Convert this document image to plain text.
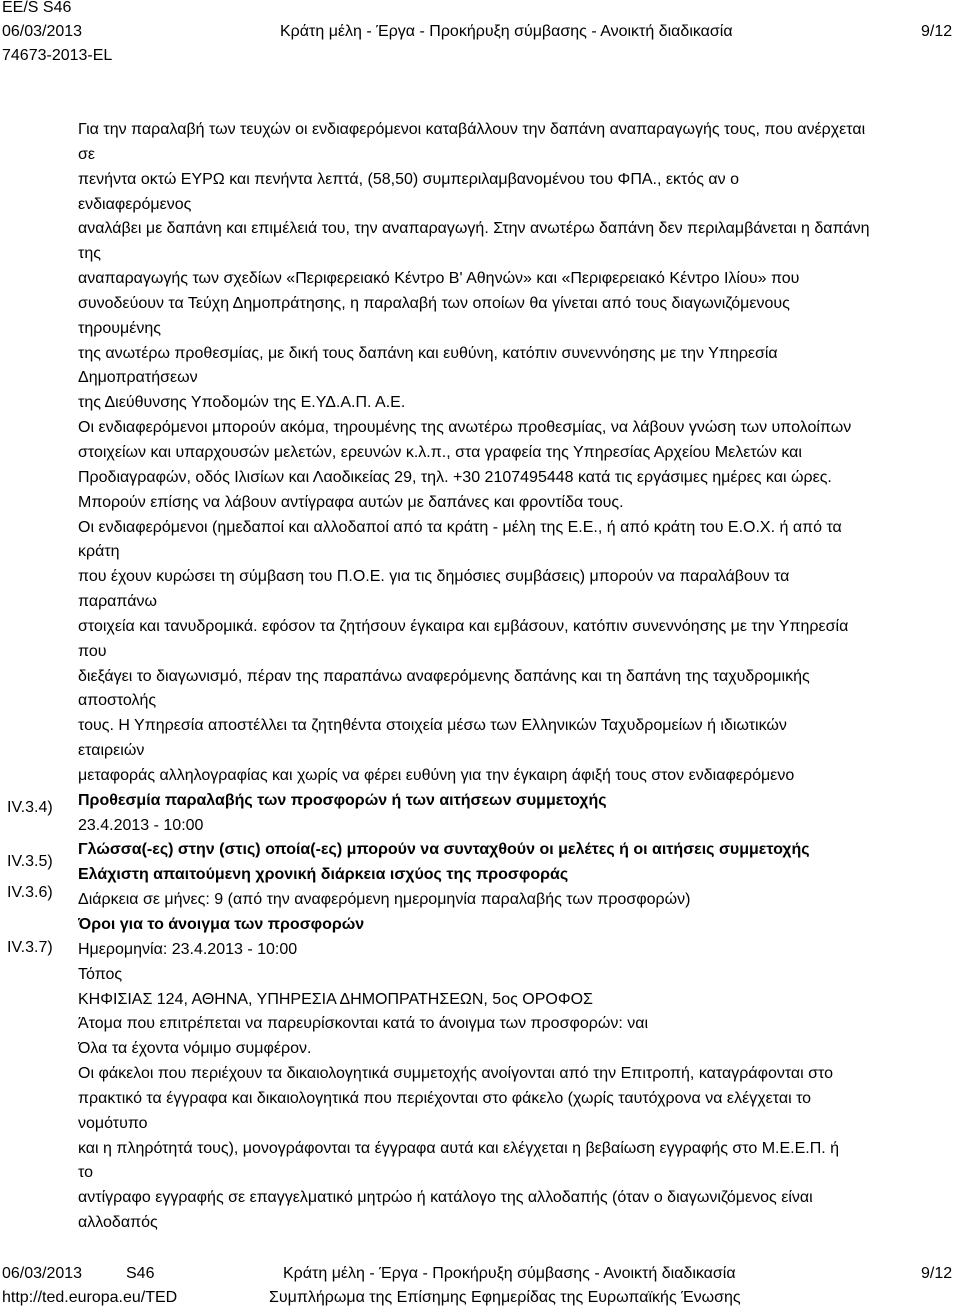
EE/S S46
06/03/2013
74673-2013-EL
Κράτη μέλη - Έργα - Προκήρυξη σύμβασης - Ανοικτή διαδικασία	9/12
Για την παραλαβή των τευχών οι ενδιαφερόμενοι καταβάλλουν την δαπάνη αναπαραγωγής τους, που ανέρχεται
σε
πενήντα οκτώ ΕΥΡΩ και πενήντα λεπτά, (58,50) συμπεριλαμβανομένου του ΦΠΑ., εκτός αν ο
ενδιαφερόμενος
αναλάβει με δαπάνη και επιμέλειά του, την αναπαραγωγή. Στην ανωτέρω δαπάνη δεν περιλαμβάνεται η δαπάνη
της
αναπαραγωγής των σχεδίων «Περιφερειακό Κέντρο Β' Αθηνών» και «Περιφερειακό Κέντρο Ιλίου» που
συνοδεύουν τα Τεύχη Δημοπράτησης, η παραλαβή των οποίων θα γίνεται από τους διαγωνιζόμενους
τηρουμένης
της ανωτέρω προθεσμίας, με δική τους δαπάνη και ευθύνη, κατόπιν συνεννόησης με την Υπηρεσία
Δημοπρατήσεων
της Διεύθυνσης Υποδομών της Ε.ΥΔ.Α.Π. Α.Ε.
Οι ενδιαφερόμενοι μπορούν ακόμα, τηρουμένης της ανωτέρω προθεσμίας, να λάβουν γνώση των υπολοίπων
στοιχείων και υπαρχουσών μελετών, ερευνών κ.λ.π., στα γραφεία της Υπηρεσίας Αρχείου Μελετών και
Προδιαγραφών, οδός Ιλισίων και Λαοδικείας 29, τηλ. +30 2107495448 κατά τις εργάσιμες ημέρες και ώρες.
Μπορούν επίσης να λάβουν αντίγραφα αυτών με δαπάνες και φροντίδα τους.
Οι ενδιαφερόμενοι (ημεδαποί και αλλοδαποί από τα κράτη - μέλη της Ε.Ε., ή από κράτη του Ε.Ο.Χ. ή από τα
κράτη
που έχουν κυρώσει τη σύμβαση του Π.Ο.Ε. για τις δημόσιες συμβάσεις) μπορούν να παραλάβουν τα
παραπάνω
στοιχεία και τανυδρομικά. εφόσον τα ζητήσουν έγκαιρα και εμβάσουν, κατόπιν συνεννόησης με την Υπηρεσία
που
διεξάγει το διαγωνισμό, πέραν της παραπάνω αναφερόμενης δαπάνης και τη δαπάνη της ταχυδρομικής
αποστολής
τους. Η Υπηρεσία αποστέλλει τα ζητηθέντα στοιχεία μέσω των Ελληνικών Ταχυδρομείων ή ιδιωτικών
εταιρειών
μεταφοράς αλληλογραφίας και χωρίς να φέρει ευθύνη για την έγκαιρη άφιξή τους στον ενδιαφερόμενο
Προθεσμία παραλαβής των προσφορών ή των αιτήσεων συμμετοχής
23.4.2013 - 10:00
Γλώσσα(-ες) στην (στις) οποία(-ες) μπορούν να συνταχθούν οι μελέτες ή οι αιτήσεις συμμετοχής
Ελάχιστη απαιτούμενη χρονική διάρκεια ισχύος της προσφοράς
Διάρκεια σε μήνες: 9 (από την αναφερόμενη ημερομηνία παραλαβής των προσφορών)
Όροι για το άνοιγμα των προσφορών
Ημερομηνία: 23.4.2013 - 10:00
Τόπος
ΚΗΦΙΣΙΑΣ 124, ΑΘΗΝΑ, ΥΠΗΡΕΣΙΑ ΔΗΜΟΠΡΑΤΗΣΕΩΝ, 5ος ΟΡΟΦΟΣ
Άτομα που επιτρέπεται να παρευρίσκονται κατά το άνοιγμα των προσφορών: ναι
Όλα τα έχοντα νόμιμο συμφέρον.
Οι φάκελοι που περιέχουν τα δικαιολογητικά συμμετοχής ανοίγονται από την Επιτροπή, καταγράφονται στο
πρακτικό τα έγγραφα και δικαιολογητικά που περιέχονται στο φάκελο (χωρίς ταυτόχρονα να ελέγχεται το
νομότυπο
και η πληρότητά τους), μονογράφονται τα έγγραφα αυτά και ελέγχεται η βεβαίωση εγγραφής στο Μ.Ε.Ε.Π. ή
το
αντίγραφο εγγραφής σε επαγγελματικό μητρώο ή κατάλογο της αλλοδαπής (όταν ο διαγωνιζόμενος είναι
αλλοδαπός
IV.3.4)
IV.3.5)
IV.3.6)
IV.3.7)
06/03/2013	S46
http://ted.europa.eu/TED
Κράτη μέλη - Έργα - Προκήρυξη σύμβασης - Ανοικτή διαδικασία
Συμπλήρωμα της Επίσημης Εφημερίδας της Ευρωπαϊκής Ένωσης
9/12
